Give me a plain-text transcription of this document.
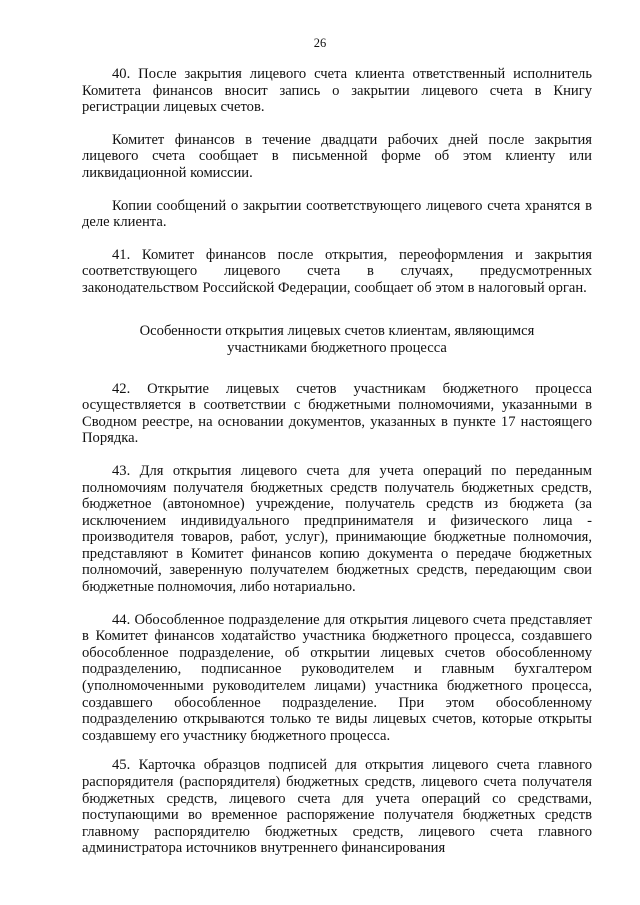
26

40. После закрытия лицевого счета клиента ответственный исполнитель Комитета финансов вносит запись о закрытии лицевого счета в Книгу регистрации лицевых счетов.

Комитет финансов в течение двадцати рабочих дней после закрытия лицевого счета сообщает в письменной форме об этом клиенту или ликвидационной комиссии.

Копии сообщений о закрытии соответствующего лицевого счета хранятся в деле клиента.

41. Комитет финансов после открытия, переоформления и закрытия соответствующего лицевого счета в случаях, предусмотренных законодательством Российской Федерации, сообщает об этом в налоговый орган.

Особенности открытия лицевых счетов клиентам, являющимся участниками бюджетного процесса

42. Открытие лицевых счетов участникам бюджетного процесса осуществляется в соответствии с бюджетными полномочиями, указанными в Сводном реестре, на основании документов, указанных в пункте 17 настоящего Порядка.

43. Для открытия лицевого счета для учета операций по переданным полномочиям получателя бюджетных средств получатель бюджетных средств, бюджетное (автономное) учреждение, получатель средств из бюджета (за исключением индивидуального предпринимателя и физического лица - производителя товаров, работ, услуг), принимающие бюджетные полномочия, представляют в Комитет финансов копию документа о передаче бюджетных полномочий, заверенную получателем бюджетных средств, передающим свои бюджетные полномочия, либо нотариально.

44. Обособленное подразделение для открытия лицевого счета представляет в Комитет финансов ходатайство участника бюджетного процесса, создавшего обособленное подразделение, об открытии лицевых счетов обособленному подразделению, подписанное руководителем и главным бухгалтером (уполномоченными руководителем лицами) участника бюджетного процесса, создавшего обособленное подразделение. При этом обособленному подразделению открываются только те виды лицевых счетов, которые открыты создавшему его участнику бюджетного процесса.

45. Карточка образцов подписей для открытия лицевого счета главного распорядителя (распорядителя) бюджетных средств, лицевого счета получателя бюджетных средств, лицевого счета для учета операций со средствами, поступающими во временное распоряжение получателя бюджетных средств главному распорядителю бюджетных средств, лицевого счета главного администратора источников внутреннего финансирования
